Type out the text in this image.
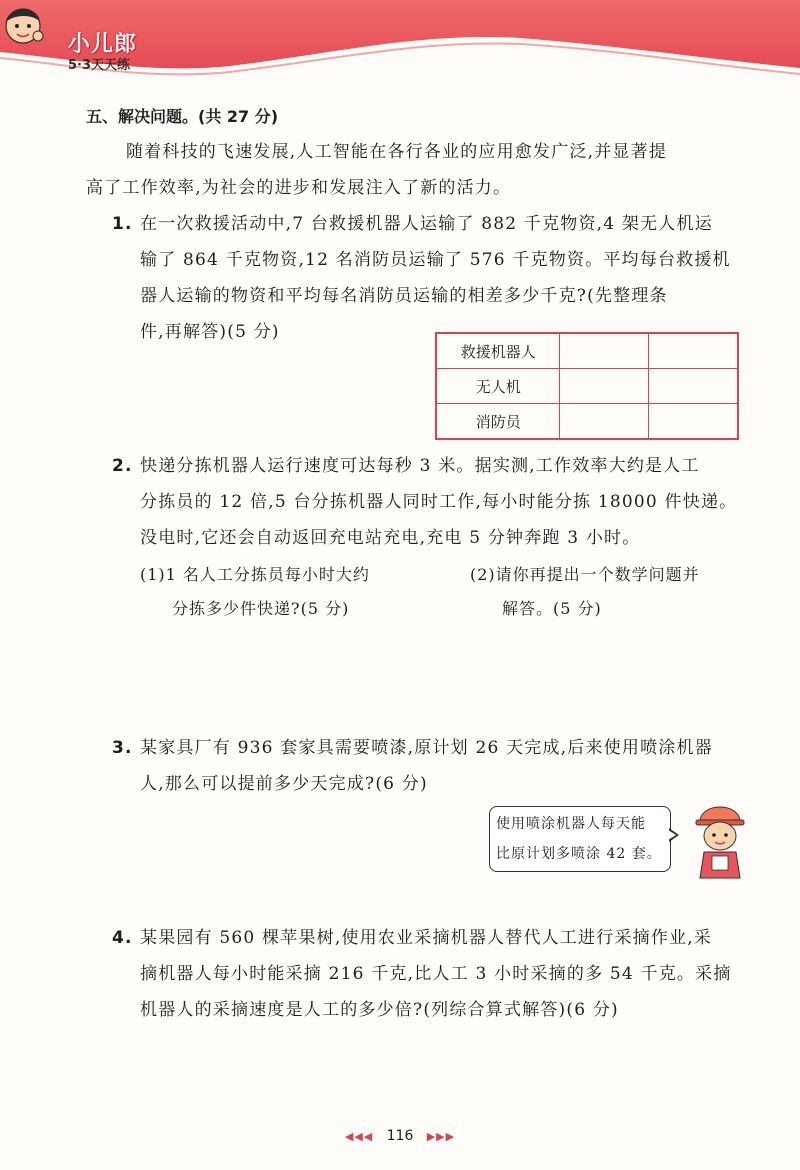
小儿郎
5·3天天练
五、解决问题。(共 27 分)
随着科技的飞速发展,人工智能在各行各业的应用愈发广泛,并显著提
高了工作效率,为社会的进步和发展注入了新的活力。
1. 在一次救援活动中,7 台救援机器人运输了 882 千克物资,4 架无人机运
输了 864 千克物资,12 名消防员运输了 576 千克物资。平均每台救援机
器人运输的物资和平均每名消防员运输的相差多少千克?(先整理条
件,再解答)(5 分)
救援机器人		
无人机		
消防员		
2. 快递分拣机器人运行速度可达每秒 3 米。据实测,工作效率大约是人工
分拣员的 12 倍,5 台分拣机器人同时工作,每小时能分拣 18000 件快递。
没电时,它还会自动返回充电站充电,充电 5 分钟奔跑 3 小时。
(1)1 名人工分拣员每小时大约
分拣多少件快递?(5 分)
(2)请你再提出一个数学问题并
解答。(5 分)
3. 某家具厂有 936 套家具需要喷漆,原计划 26 天完成,后来使用喷涂机器
人,那么可以提前多少天完成?(6 分)
使用喷涂机器人每天能
比原计划多喷涂 42 套。
4. 某果园有 560 棵苹果树,使用农业采摘机器人替代人工进行采摘作业,采
摘机器人每小时能采摘 216 千克,比人工 3 小时采摘的多 54 千克。采摘
机器人的采摘速度是人工的多少倍?(列综合算式解答)(6 分)
◀◀◀ 116 ▶▶▶
